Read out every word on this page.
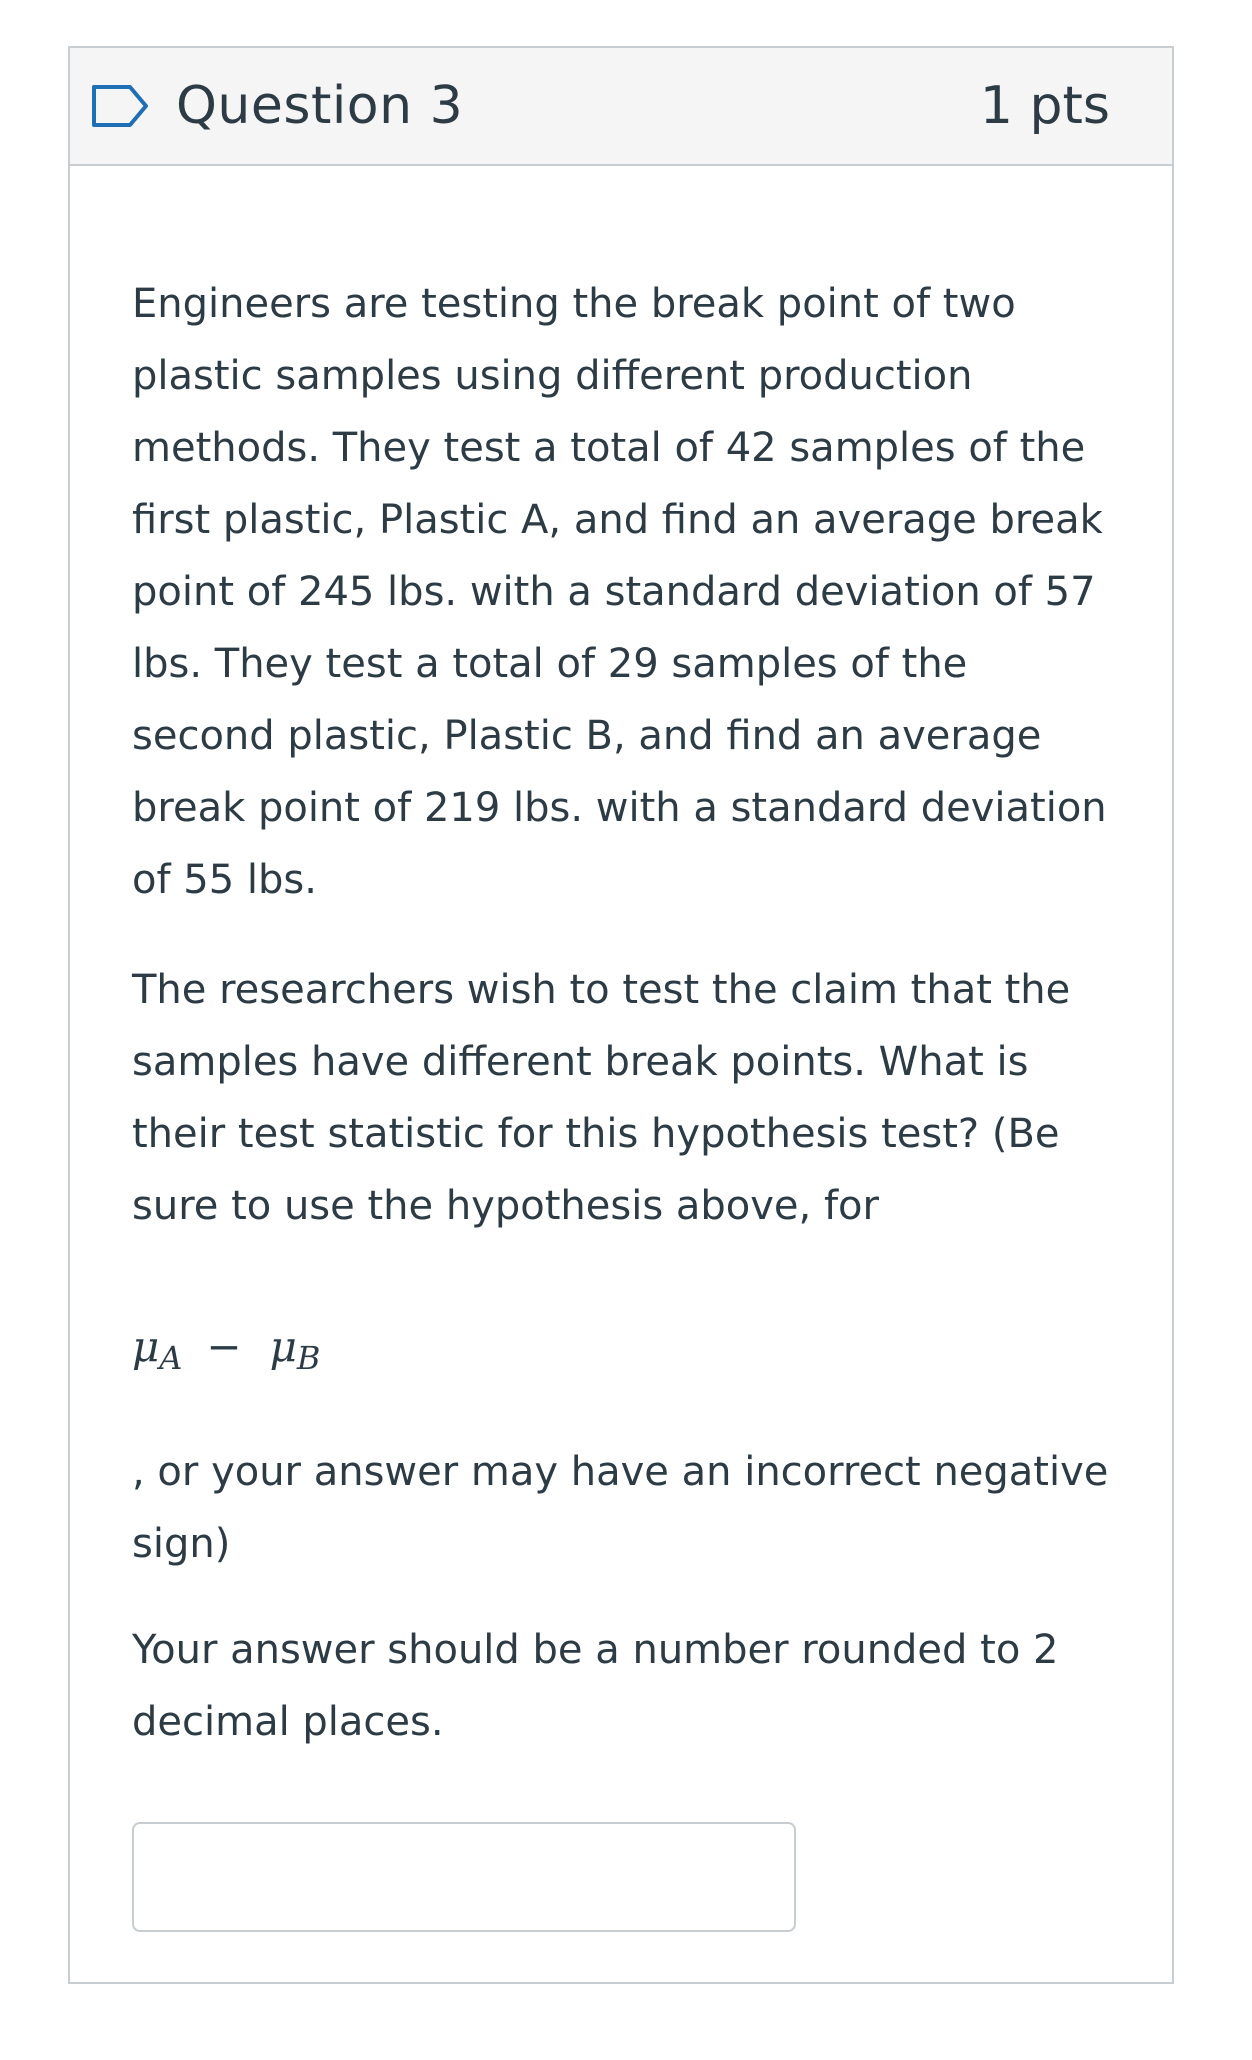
Question 3	1 pts

Engineers are testing the break point of two plastic samples using different production methods. They test a total of 42 samples of the first plastic, Plastic A, and find an average break point of 245 lbs. with a standard deviation of 57 lbs. They test a total of 29 samples of the second plastic, Plastic B, and find an average break point of 219 lbs. with a standard deviation of 55 lbs.

The researchers wish to test the claim that the samples have different break points. What is their test statistic for this hypothesis test? (Be sure to use the hypothesis above, for

μ A − μ B

, or your answer may have an incorrect negative sign)

Your answer should be a number rounded to 2 decimal places.
